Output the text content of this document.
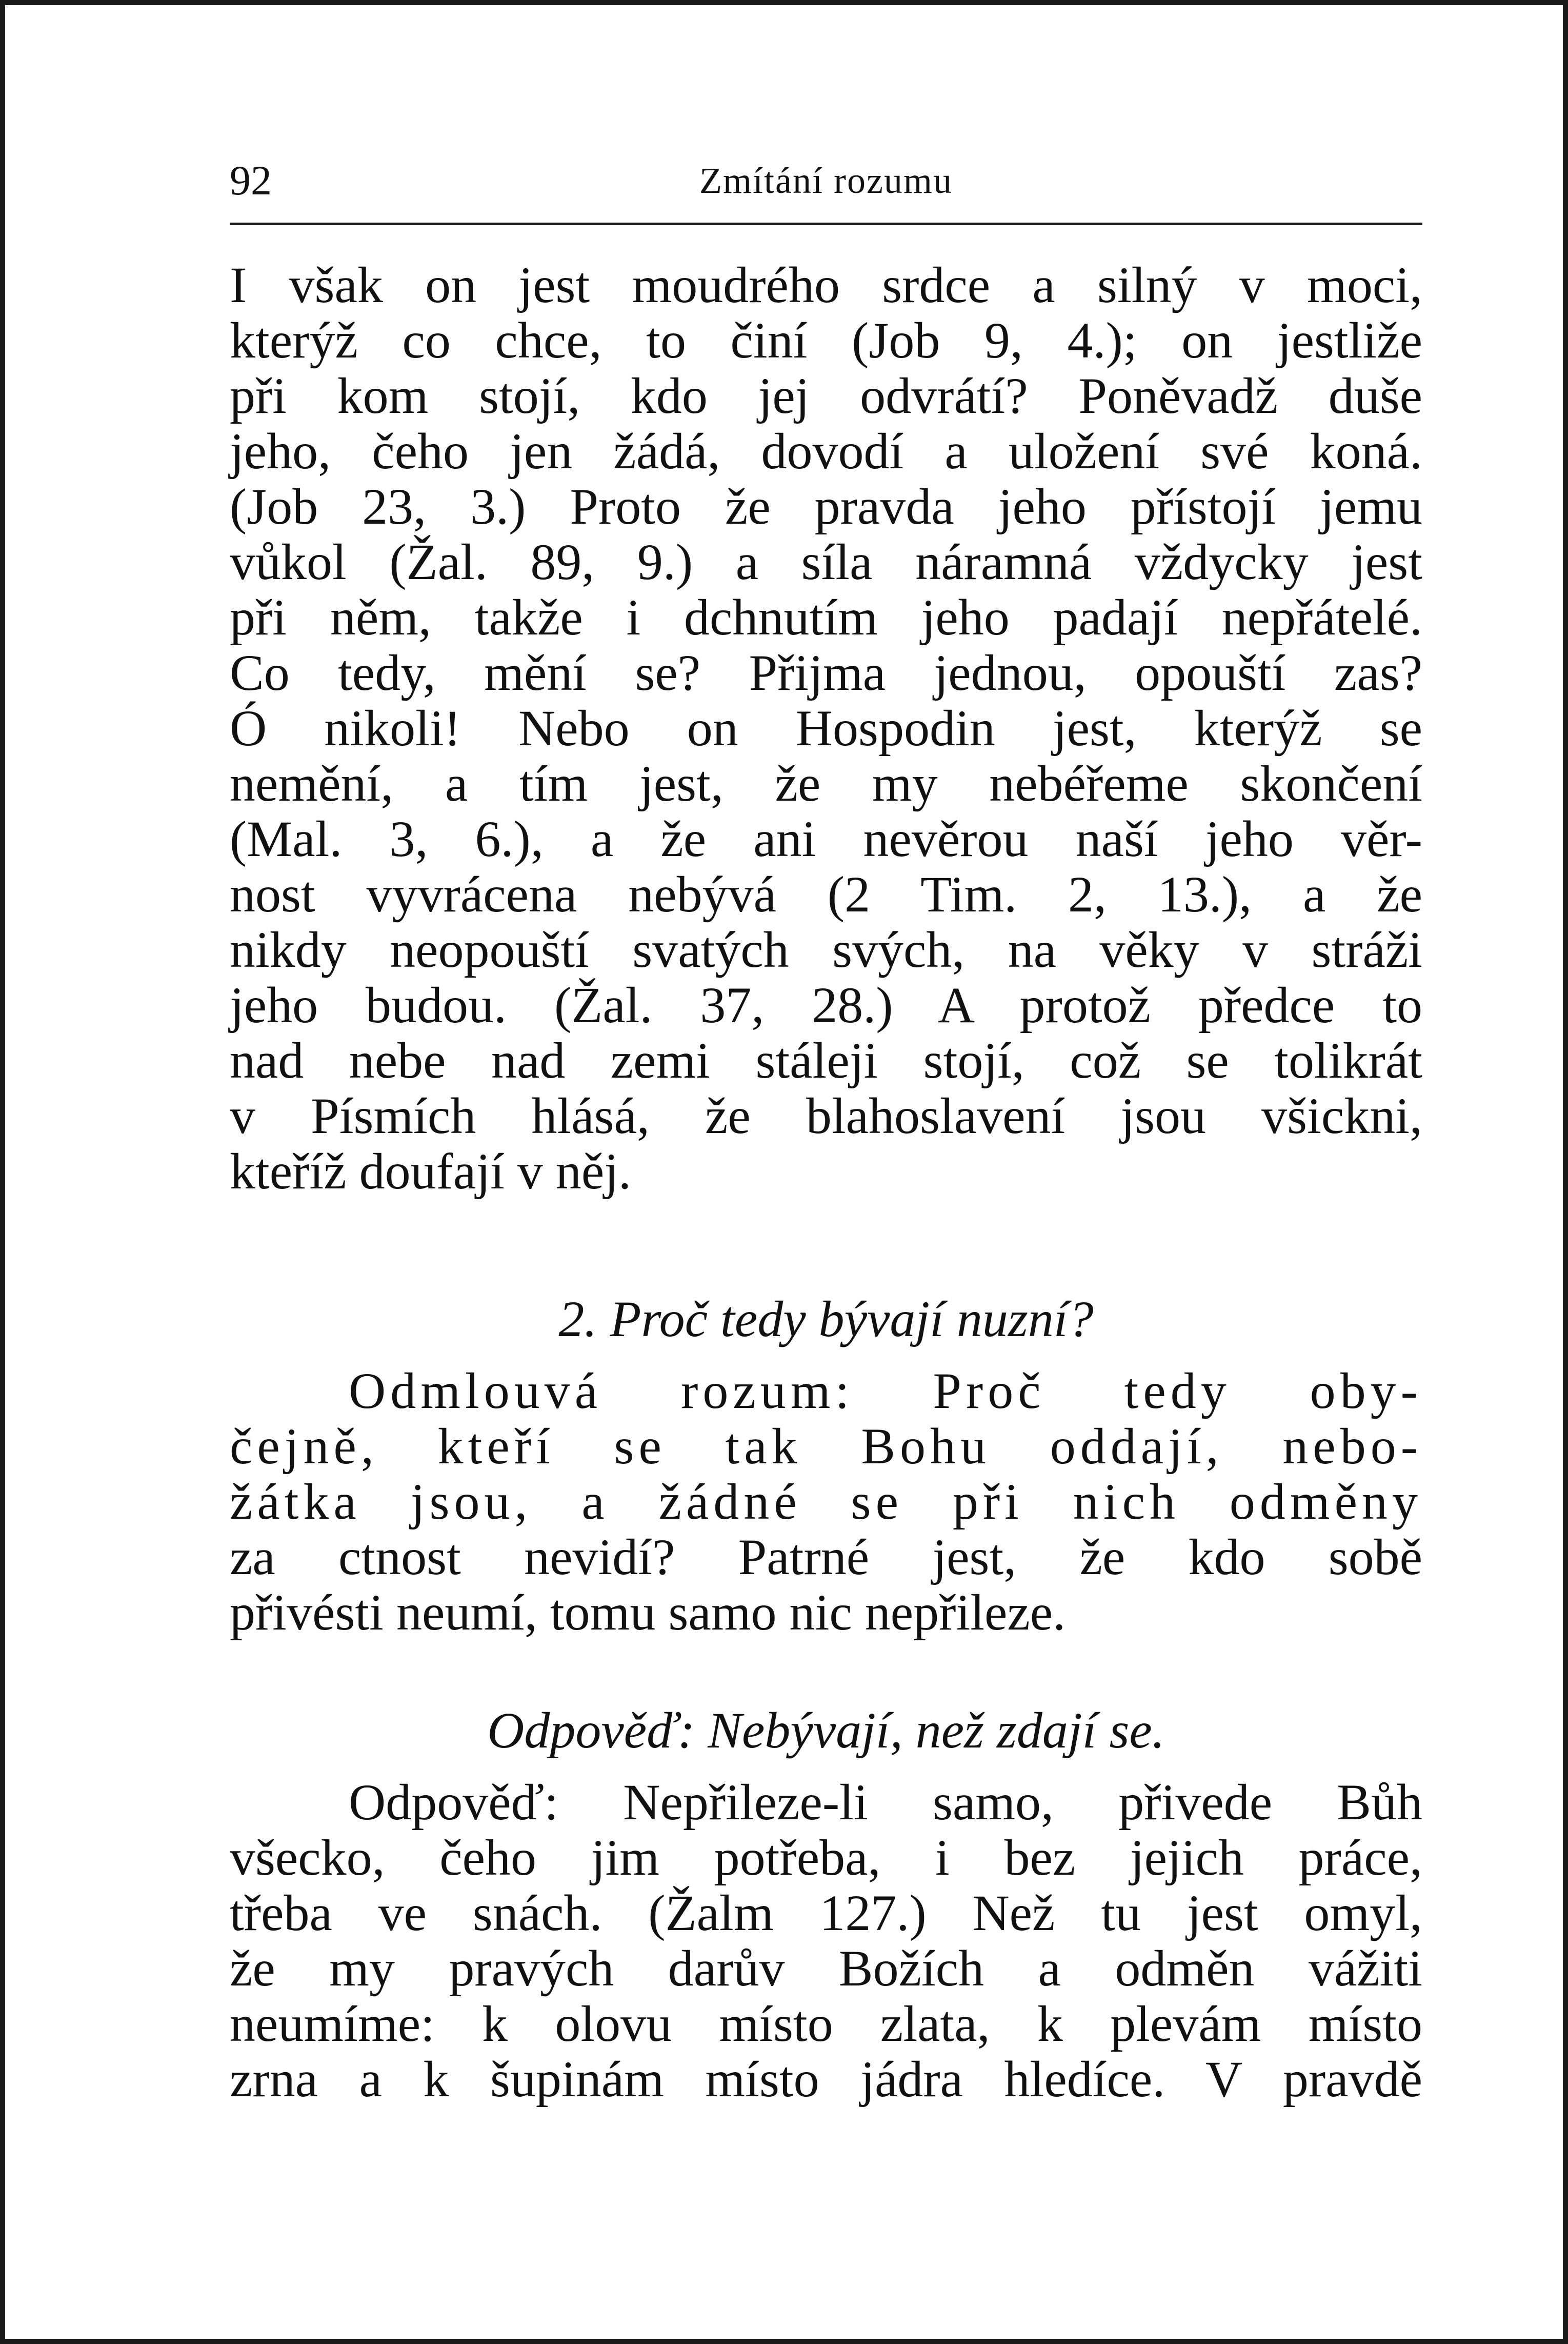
92	Zmítání rozumu
I však on jest moudrého srdce a silný v moci,
kterýž co chce, to činí (Job 9, 4.); on jestliže
při kom stojí, kdo jej odvrátí? Poněvadž duše
jeho, čeho jen žádá, dovodí a uložení své koná.
(Job 23, 3.) Proto že pravda jeho přístojí jemu
vůkol (Žal. 89, 9.) a síla náramná vždycky jest
při něm, takže i dchnutím jeho padají nepřátelé.
Co tedy, mění se? Přijma jednou, opouští zas?
Ó nikoli! Nebo on Hospodin jest, kterýž se
nemění, a tím jest, že my nebéřeme skončení
(Mal. 3, 6.), a že ani nevěrou naší jeho věr-
nost vyvrácena nebývá (2 Tim. 2, 13.), a že
nikdy neopouští svatých svých, na věky v stráži
jeho budou. (Žal. 37, 28.) A protož předce to
nad nebe nad zemi stáleji stojí, což se tolikrát
v Písmích hlásá, že blahoslavení jsou všickni,
kteříž doufají v něj.
2. Proč tedy bývají nuzní?
Odmlouvá rozum: Proč tedy oby-
čejně, kteří se tak Bohu oddají, nebo-
žátka jsou, a žádné se při nich odměny
za ctnost nevidí? Patrné jest, že kdo sobě
přivésti neumí, tomu samo nic nepřileze.
Odpověď: Nebývají, než zdají se.
Odpověď: Nepřileze-li samo, přivede Bůh
všecko, čeho jim potřeba, i bez jejich práce,
třeba ve snách. (Žalm 127.) Než tu jest omyl,
že my pravých darův Božích a odměn vážiti
neumíme: k olovu místo zlata, k plevám místo
zrna a k šupinám místo jádra hledíce. V pravdě
